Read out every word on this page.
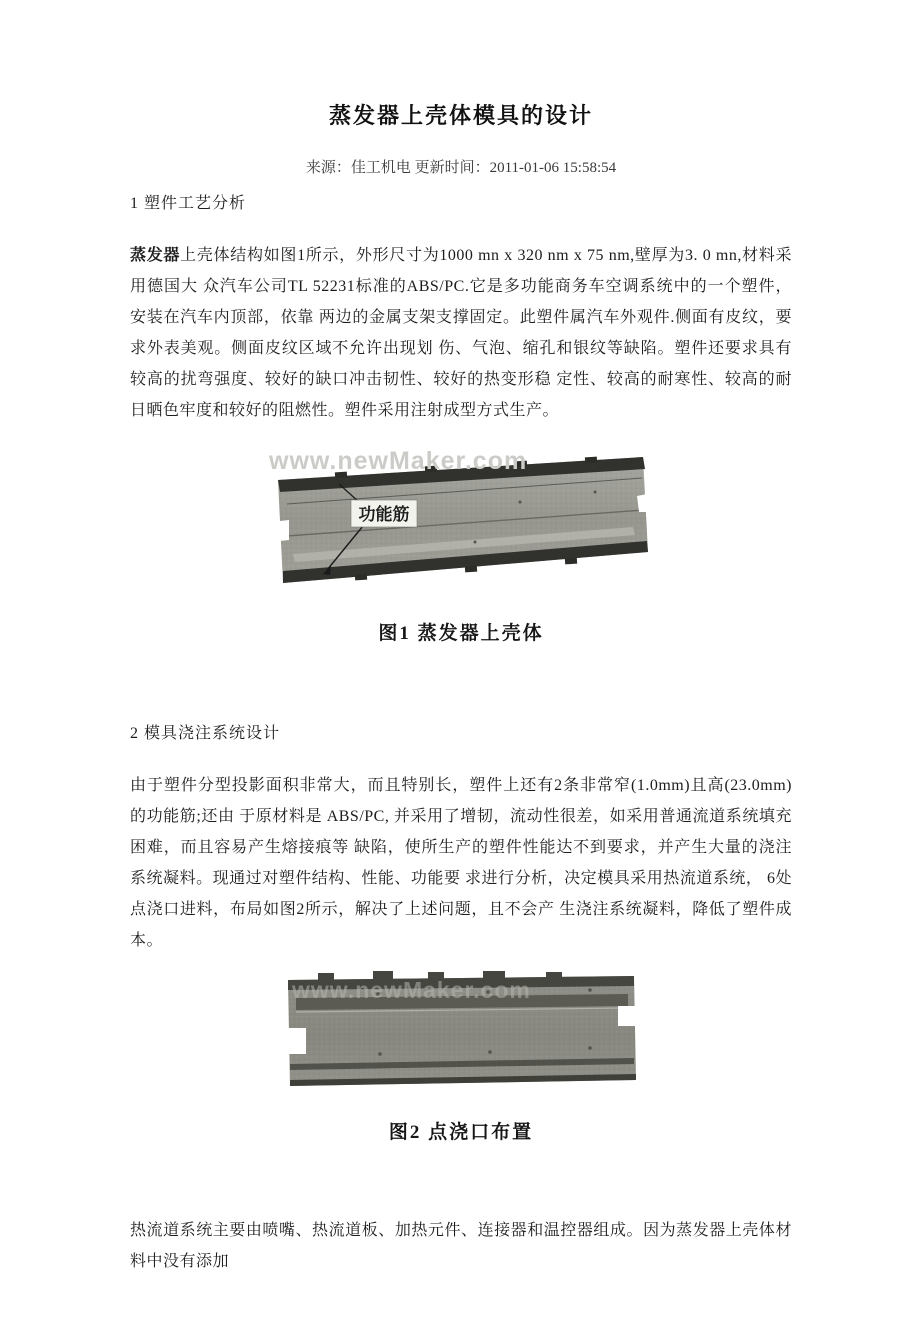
蒸发器上壳体模具的设计
来源：佳工机电 更新时间：2011-01-06 15:58:54
1 塑件工艺分析

蒸发器上壳体结构如图1所示，外形尺寸为1000 mn x 320 nm x 75 nm,壁厚为3. 0 mn,材料采用德国大 众汽车公司TL 52231标准的ABS/PC.它是多功能商务车空调系统中的一个塑件，安装在汽车内顶部，依靠 两边的金属支架支撑固定。此塑件属汽车外观件.侧面有皮纹，要求外表美观。侧面皮纹区域不允许出现划 伤、气泡、缩孔和银纹等缺陷。塑件还要求具有较高的扰弯强度、较好的缺口冲击韧性、较好的热变形稳 定性、较高的耐寒性、较高的耐日晒色牢度和较好的阻燃性。塑件采用注射成型方式生产。

www.newMaker.com
功能筋
图1 蒸发器上壳体
2 模具浇注系统设计

由于塑件分型投影面积非常大，而且特别长，塑件上还有2条非常窄(1.0mm)且高(23.0mm)的功能筋;还由 于原材料是 ABS/PC, 并采用了增韧，流动性很差，如采用普通流道系统填充困难，而且容易产生熔接痕等 缺陷，使所生产的塑件性能达不到要求，并产生大量的浇注系统凝料。现通过对塑件结构、性能、功能要 求进行分析，决定模具采用热流道系统， 6处点浇口进料，布局如图2所示，解决了上述问题，且不会产 生浇注系统凝料，降低了塑件成本。

www.newMaker.com
图2 点浇口布置

热流道系统主要由喷嘴、热流道板、加热元件、连接器和温控器组成。因为蒸发器上壳体材料中没有添加
